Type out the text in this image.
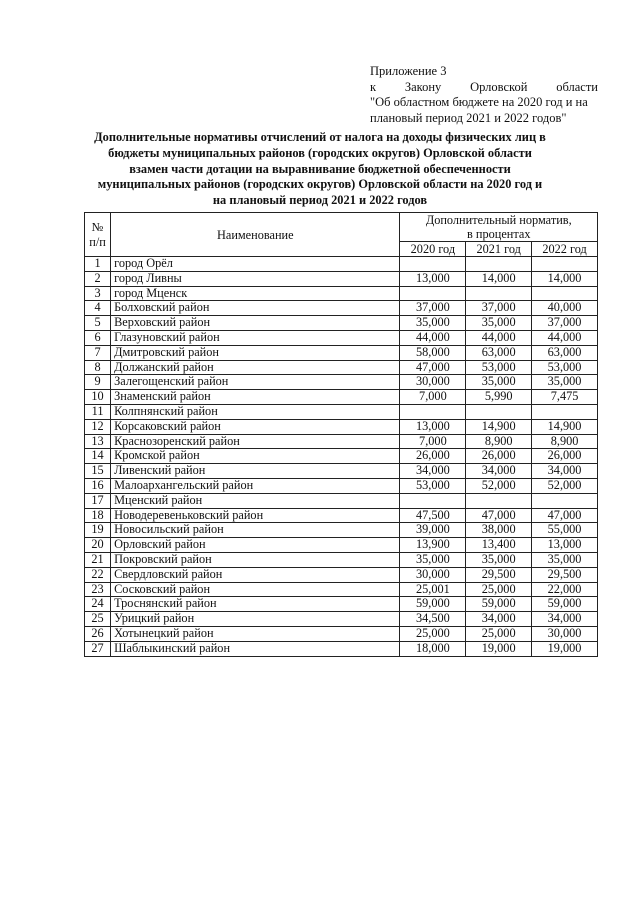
Приложение 3
к Закону Орловской области
"Об областном бюджете на 2020 год и на
плановый период 2021 и 2022 годов"
Дополнительные нормативы отчислений от налога на доходы физических лиц в бюджеты муниципальных районов (городских округов) Орловской области взамен части дотации на выравнивание бюджетной обеспеченности муниципальных районов (городских округов) Орловской области на 2020 год и на плановый период 2021 и 2022 годов
№
п/п	Наименование	Дополнительный норматив,
в процентах		
		2020 год	2021 год	2022 год
1	город Орёл			
2	город Ливны	13,000	14,000	14,000
3	город Мценск			
4	Болховский район	37,000	37,000	40,000
5	Верховский район	35,000	35,000	37,000
6	Глазуновский район	44,000	44,000	44,000
7	Дмитровский район	58,000	63,000	63,000
8	Должанский район	47,000	53,000	53,000
9	Залегощенский район	30,000	35,000	35,000
10	Знаменский район	7,000	5,990	7,475
11	Колпнянский район			
12	Корсаковский район	13,000	14,900	14,900
13	Краснозоренский район	7,000	8,900	8,900
14	Кромской район	26,000	26,000	26,000
15	Ливенский район	34,000	34,000	34,000
16	Малоархангельский район	53,000	52,000	52,000
17	Мценский район			
18	Новодеревеньковский район	47,500	47,000	47,000
19	Новосильский район	39,000	38,000	55,000
20	Орловский район	13,900	13,400	13,000
21	Покровский район	35,000	35,000	35,000
22	Свердловский район	30,000	29,500	29,500
23	Сосковский район	25,001	25,000	22,000
24	Троснянский район	59,000	59,000	59,000
25	Урицкий район	34,500	34,000	34,000
26	Хотынецкий район	25,000	25,000	30,000
27	Шаблыкинский район	18,000	19,000	19,000
